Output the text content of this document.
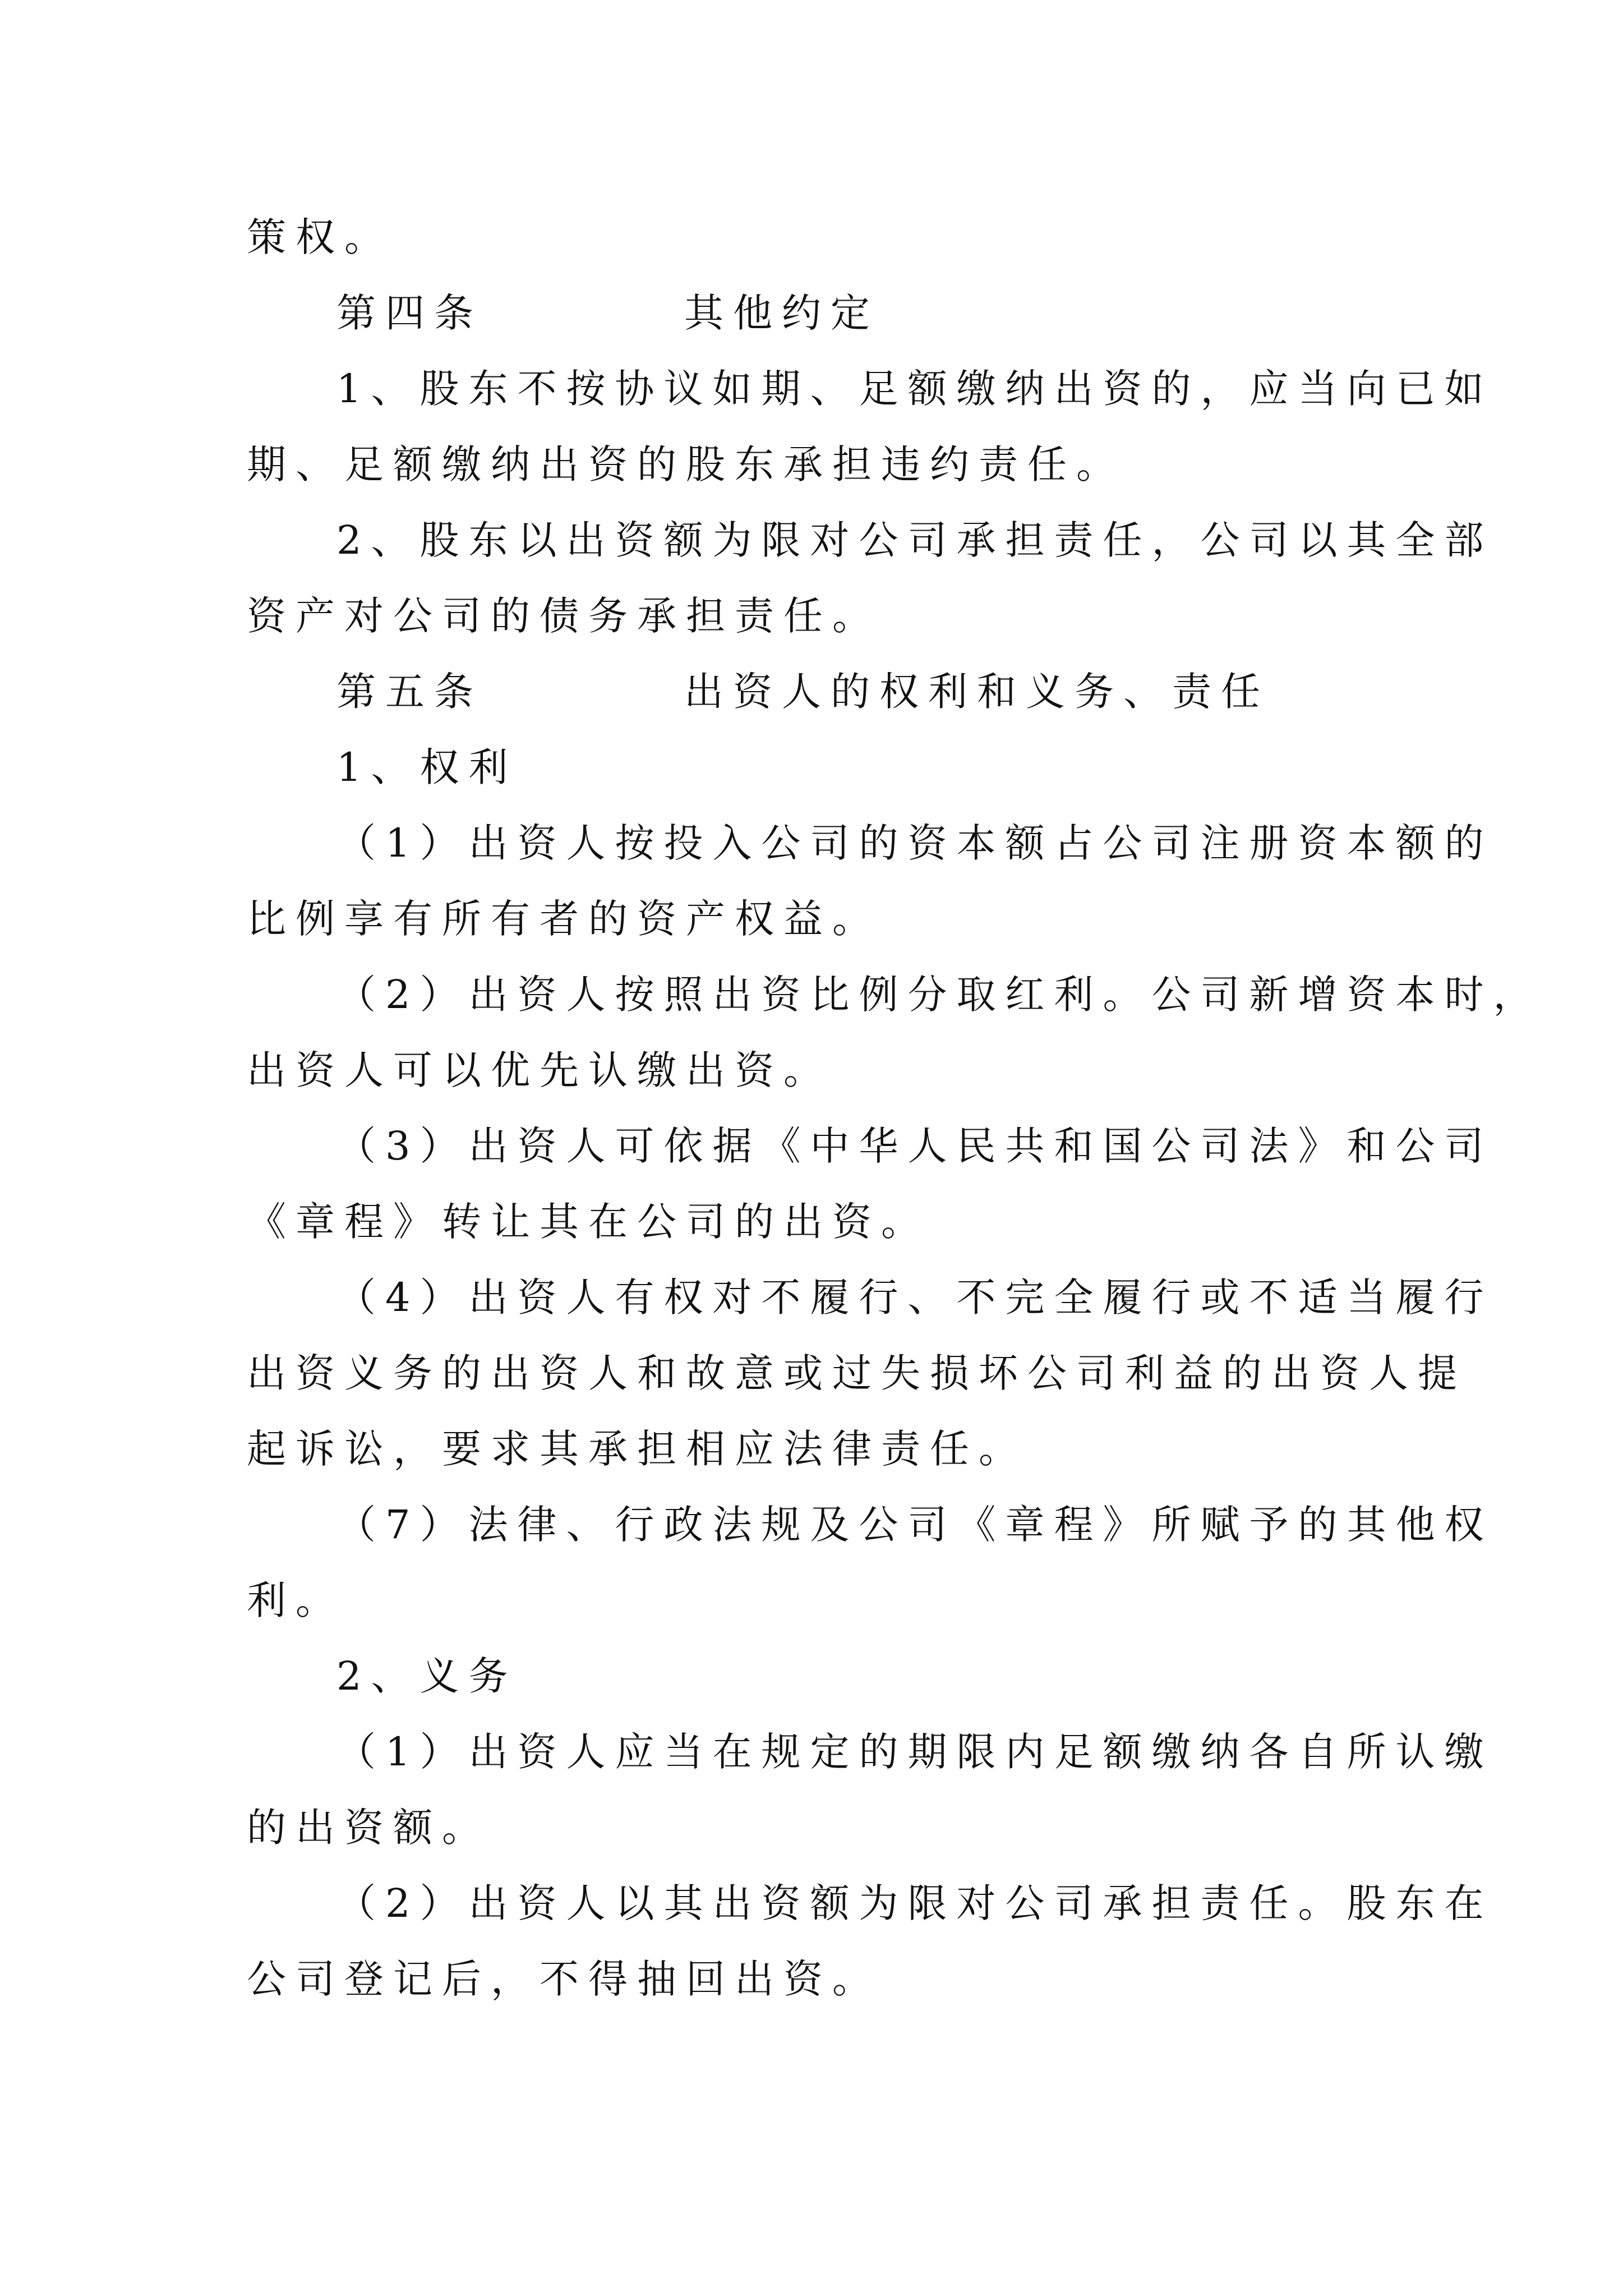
策权。
第四条	其他约定
1、股东不按协议如期、足额缴纳出资的，应当向已如
期、足额缴纳出资的股东承担违约责任。
2、股东以出资额为限对公司承担责任，公司以其全部
资产对公司的债务承担责任。
第五条	出资人的权利和义务、责任
1、权利
（1）出资人按投入公司的资本额占公司注册资本额的
比例享有所有者的资产权益。
（2）出资人按照出资比例分取红利。公司新增资本时，
出资人可以优先认缴出资。
（3）出资人可依据《中华人民共和国公司法》和公司
《章程》转让其在公司的出资。
（4）出资人有权对不履行、不完全履行或不适当履行
出资义务的出资人和故意或过失损坏公司利益的出资人提
起诉讼，要求其承担相应法律责任。
（7）法律、行政法规及公司《章程》所赋予的其他权
利。
2、义务
（1）出资人应当在规定的期限内足额缴纳各自所认缴
的出资额。
（2）出资人以其出资额为限对公司承担责任。股东在
公司登记后，不得抽回出资。
